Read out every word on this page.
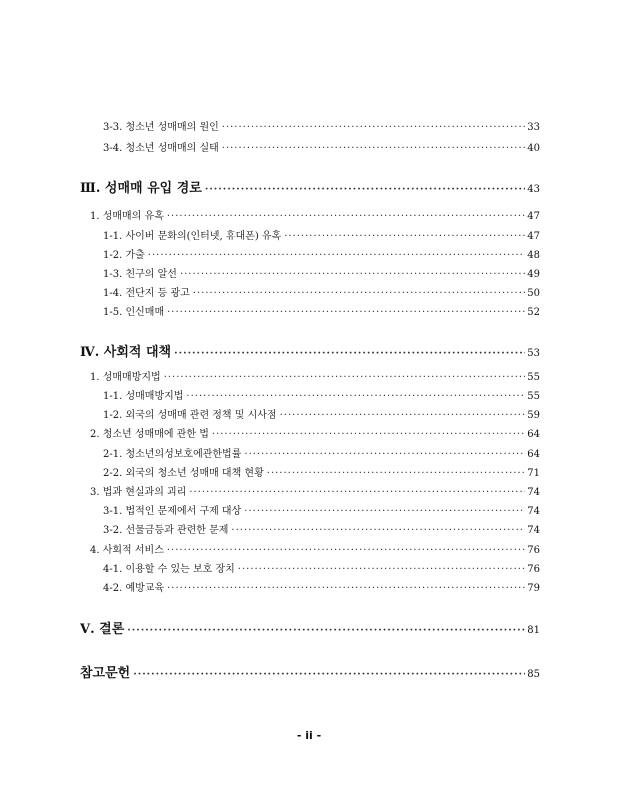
3-3. 청소년 성매매의 원인 ·····	33
3-4. 청소년 성매매의 실태 ·····	40
Ⅲ. 성매매 유입 경로 ·····	43
1. 성매매의 유혹 ·····	47
1-1. 사이버 문화의(인터넷, 휴대폰) 유혹 ·····	47
1-2. 가출 ·····	48
1-3. 친구의 알선 ·····	49
1-4. 전단지 등 광고 ·····	50
1-5. 인신매매 ·····	52
Ⅳ. 사회적 대책 ·····	53
1. 성매매방지법 ·····	55
1-1. 성매매방지법 ·····	55
1-2. 외국의 성매매 관련 정책 및 시사점 ·····	59
2. 청소년 성매매에 관한 법 ·····	64
2-1. 청소년의성보호에관한법률 ·····	64
2-2. 외국의 청소년 성매매 대책 현황 ·····	71
3. 법과 현실과의 괴리 ·····	74
3-1. 법적인 문제에서 구제 대상 ·····	74
3-2. 선물금등과 관련한 문제 ·····	74
4. 사회적 서비스 ·····	76
4-1. 이용할 수 있는 보호 장치 ·····	76
4-2. 예방교육 ·····	79
Ⅴ. 결론 ·····	81
참고문헌 ·····	85
- ii -
